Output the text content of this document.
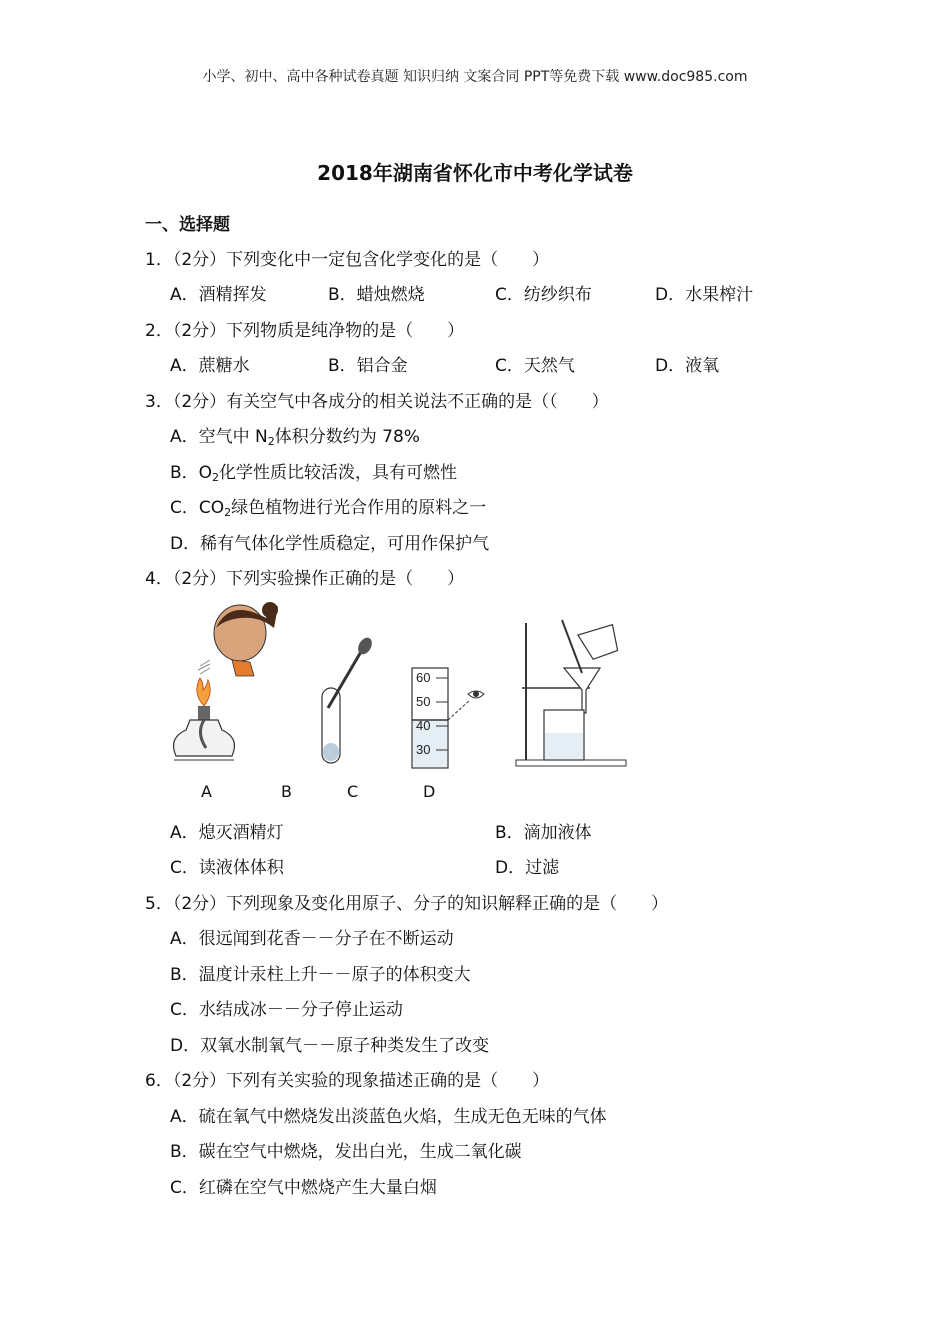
小学、初中、高中各种试卷真题 知识归纳 文案合同 PPT等免费下载 www.doc985.com
2018年湖南省怀化市中考化学试卷
一、选择题
1．（2分）下列变化中一定包含化学变化的是（　　）
A．酒精挥发	B．蜡烛燃烧	C．纺纱织布	D．水果榨汁
2．（2分）下列物质是纯净物的是（　　）
A．蔗糖水	B．铝合金	C．天然气	D．液氧
3．（2分）有关空气中各成分的相关说法不正确的是（（　　）
A．空气中 $N_2$体积分数约为 78%
B．$O_2$化学性质比较活泼，具有可燃性
C．$CO_2$绿色植物进行光合作用的原料之一
D．稀有气体化学性质稳定，可用作保护气
4．（2分）下列实验操作正确的是（　　）
60
50
40
30
A	B	C	D
A．熄灭酒精灯	B．滴加液体
C．读液体体积	D．过滤
5．（2分）下列现象及变化用原子、分子的知识解释正确的是（　　）
A．很远闻到花香－－分子在不断运动
B．温度计汞柱上升－－原子的体积变大
C．水结成冰－－分子停止运动
D．双氧水制氧气－－原子种类发生了改变
6．（2分）下列有关实验的现象描述正确的是（　　）
A．硫在氧气中燃烧发出淡蓝色火焰，生成无色无味的气体
B．碳在空气中燃烧，发出白光，生成二氧化碳
C．红磷在空气中燃烧产生大量白烟
